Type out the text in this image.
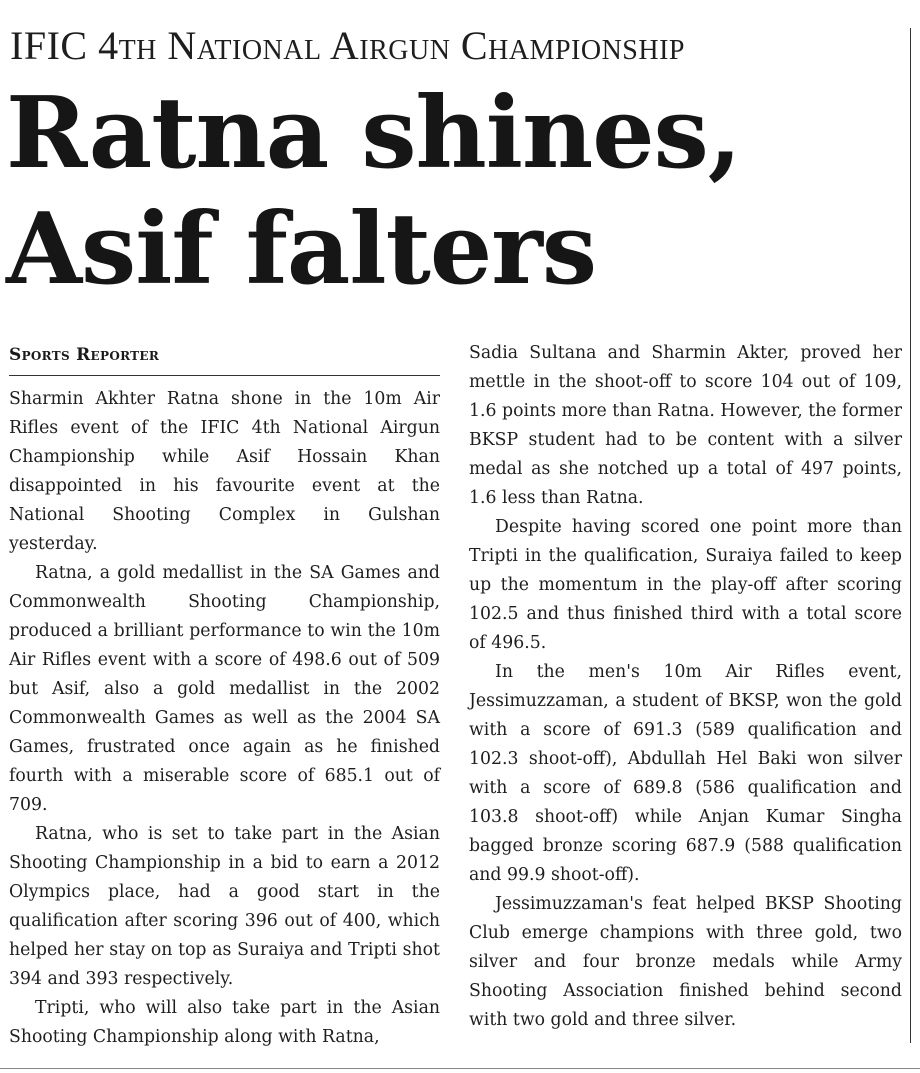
IFIC 4th National Airgun Championship
Ratna shines,
Asif falters
Sports Reporter

Sharmin Akhter Ratna shone in the 10m Air Rifles event of the IFIC 4th National Airgun Championship while Asif Hossain Khan disappointed in his favourite event at the National Shooting Complex in Gulshan yesterday.

Ratna, a gold medallist in the SA Games and Commonwealth Shooting Championship, produced a brilliant performance to win the 10m Air Rifles event with a score of 498.6 out of 509 but Asif, also a gold medallist in the 2002 Commonwealth Games as well as the 2004 SA Games, frustrated once again as he finished fourth with a miserable score of 685.1 out of 709.

Ratna, who is set to take part in the Asian Shooting Championship in a bid to earn a 2012 Olympics place, had a good start in the qualification after scoring 396 out of 400, which helped her stay on top as Suraiya and Tripti shot 394 and 393 respectively.

Tripti, who will also take part in the Asian Shooting Championship along with Ratna,

Sadia Sultana and Sharmin Akter, proved her mettle in the shoot-off to score 104 out of 109, 1.6 points more than Ratna. However, the former BKSP student had to be content with a silver medal as she notched up a total of 497 points, 1.6 less than Ratna.

Despite having scored one point more than Tripti in the qualification, Suraiya failed to keep up the momentum in the play-off after scoring 102.5 and thus finished third with a total score of 496.5.

In the men's 10m Air Rifles event, Jessimuzzaman, a student of BKSP, won the gold with a score of 691.3 (589 qualification and 102.3 shoot-off), Abdullah Hel Baki won silver with a score of 689.8 (586 qualification and 103.8 shoot-off) while Anjan Kumar Singha bagged bronze scoring 687.9 (588 qualification and 99.9 shoot-off).

Jessimuzzaman's feat helped BKSP Shooting Club emerge champions with three gold, two silver and four bronze medals while Army Shooting Association finished behind second with two gold and three silver.
